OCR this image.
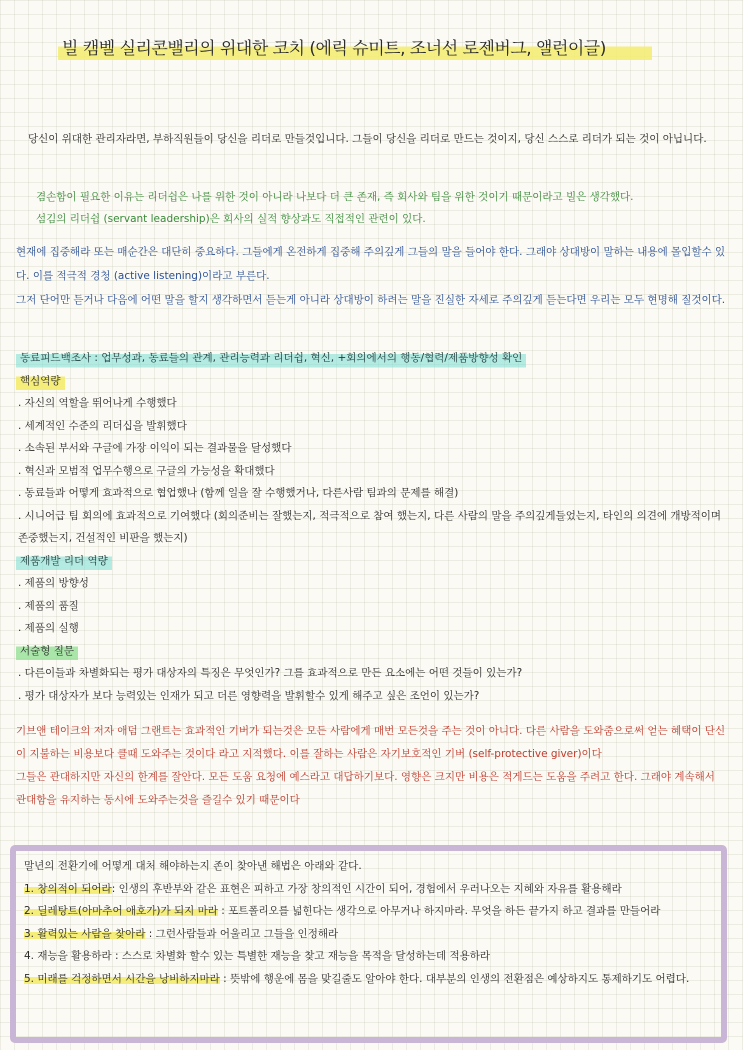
빌 캠벨 실리콘밸리의 위대한 코치 (에릭 슈미트, 조너선 로젠버그, 앨런이글)

당신이 위대한 관리자라면, 부하직원들이 당신을 리더로 만들것입니다. 그들이 당신을 리더로 만드는 것이지, 당신 스스로 리더가 되는 것이 아닙니다.

겸손함이 필요한 이유는 리더쉽은 나를 위한 것이 아니라 나보다 더 큰 존재, 즉 회사와 팀을 위한 것이기 때문이라고 빌은 생각했다.

섬김의 리더쉽 (servant leadership)은 회사의 실적 향상과도 직접적인 관련이 있다.

현재에 집중해라 또는 매순간은 대단히 중요하다. 그들에게 온전하게 집중해 주의깊게 그들의 말을 들어야 한다. 그래야 상대방이 말하는 내용에 몰입할수 있다. 이를 적극적 경청 (active listening)이라고 부른다.

그저 단어만 듣거나 다음에 어떤 말을 할지 생각하면서 듣는게 아니라 상대방이 하려는 말을 진실한 자세로 주의깊게 듣는다면 우리는 모두 현명해 질것이다.

동료피드백조사 : 업무성과, 동료들의 관계, 관리능력과 리더쉽, 혁신, +회의에서의 행동/협력/제품방향성 확인
핵심역량
. 자신의 역할을 뛰어나게 수행했다
. 세계적인 수준의 리더십을 발휘했다
. 소속된 부서와 구글에 가장 이익이 되는 결과물을 달성했다
. 혁신과 모범적 업무수행으로 구글의 가능성을 확대했다
. 동료들과 어떻게 효과적으로 협업했나 (함께 일을 잘 수행했거나, 다른사람 팀과의 문제를 해결)
. 시니어급 팀 회의에 효과적으로 기여했다 (회의준비는 잘했는지, 적극적으로 참여 했는지, 다른 사람의 말을 주의깊게들었는지, 타인의 의견에 개방적이며 존중했는지, 건설적인 비판을 했는지)
제품개발 리더 역량
. 제품의 방향성
. 제품의 품질
. 제품의 실행
서술형 질문
. 다른이들과 차별화되는 평가 대상자의 특징은 무엇인가? 그를 효과적으로 만든 요소에는 어떤 것들이 있는가?
. 평가 대상자가 보다 능력있는 인재가 되고 더른 영향력을 발휘할수 있게 해주고 싶은 조언이 있는가?

기브앤 테이크의 저자 애덤 그랜트는 효과적인 기버가 되는것은 모든 사람에게 매번 모든것을 주는 것이 아니다. 다른 사람을 도와줌으로써 얻는 혜택이 단신이 지불하는 비용보다 클때 도와주는 것이다 라고 지적했다. 이를 잘하는 사람은 자기보호적인 기버 (self-protective giver)이다

그들은 관대하지만 자신의 한계를 잘안다. 모든 도움 요청에 예스라고 대답하기보다. 영향은 크지만 비용은 적게드는 도움을 주려고 한다. 그래야 계속해서 관대함을 유지하는 동시에 도와주는것을 즐길수 있기 때문이다

말년의 전환기에 어떻게 대처 해야하는지 존이 찾아낸 해법은 아래와 같다.
1. 창의적이 되어라: 인생의 후반부와 같은 표현은 피하고 가장 창의적인 시간이 되어, 경험에서 우러나오는 지혜와 자유를 활용해라
2. 딜레탕트(아마추어 애호가)가 되지 마라 : 포트폴리오를 넓힌다는 생각으로 아무거나 하지마라. 무엇을 하든 끝가지 하고 결과를 만들어라
3. 활력있는 사람을 찾아라 : 그런사람들과 어울리고 그들을 인정해라
4. 재능을 활용하라 : 스스로 차별화 할수 있는 특별한 재능을 찾고 재능을 목적을 달성하는데 적용하라
5. 미래를 걱정하면서 시간을 낭비하지마라 : 뜻밖에 행운에 몸을 맞길줄도 알아야 한다. 대부분의 인생의 전환점은 예상하지도 통제하기도 어렵다.
